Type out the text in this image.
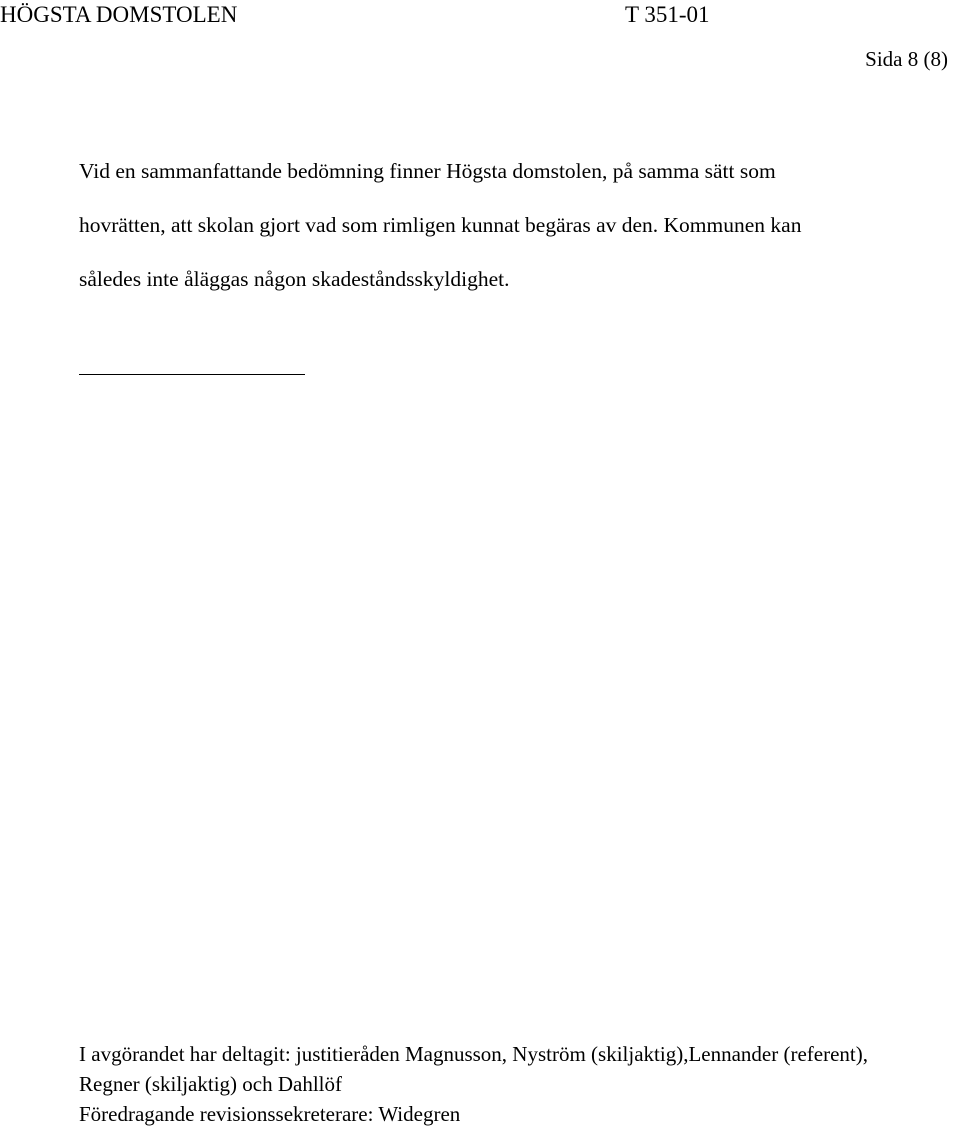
HÖGSTA DOMSTOLEN	T 351-01
Sida 8 (8)
Vid en sammanfattande bedömning finner Högsta domstolen, på samma sätt som
hovrätten, att skolan gjort vad som rimligen kunnat begäras av den. Kommunen kan
således inte åläggas någon skadeståndsskyldighet.
I avgörandet har deltagit: justitieråden Magnusson, Nyström (skiljaktig),Lennander (referent),
Regner (skiljaktig) och Dahllöf
Föredragande revisionssekreterare: Widegren
